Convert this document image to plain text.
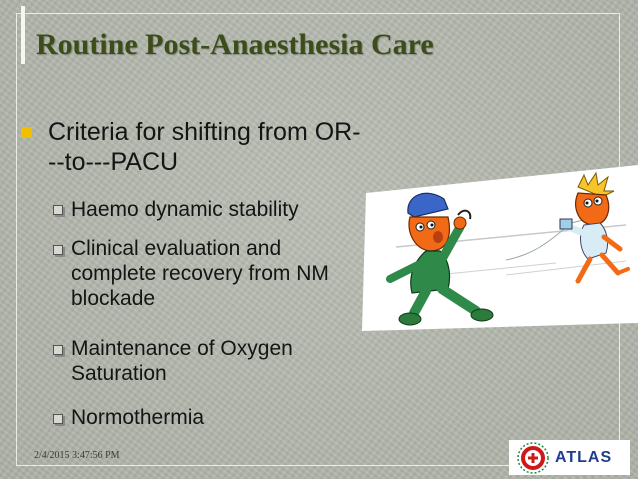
Routine Post-Anaesthesia Care
Criteria for shifting from OR---to---PACU
Haemo dynamic stability
Clinical evaluation and complete recovery from NM blockade
Maintenance of Oxygen Saturation
Normothermia
2/4/2015 3:47:56 PM	ATLAS
